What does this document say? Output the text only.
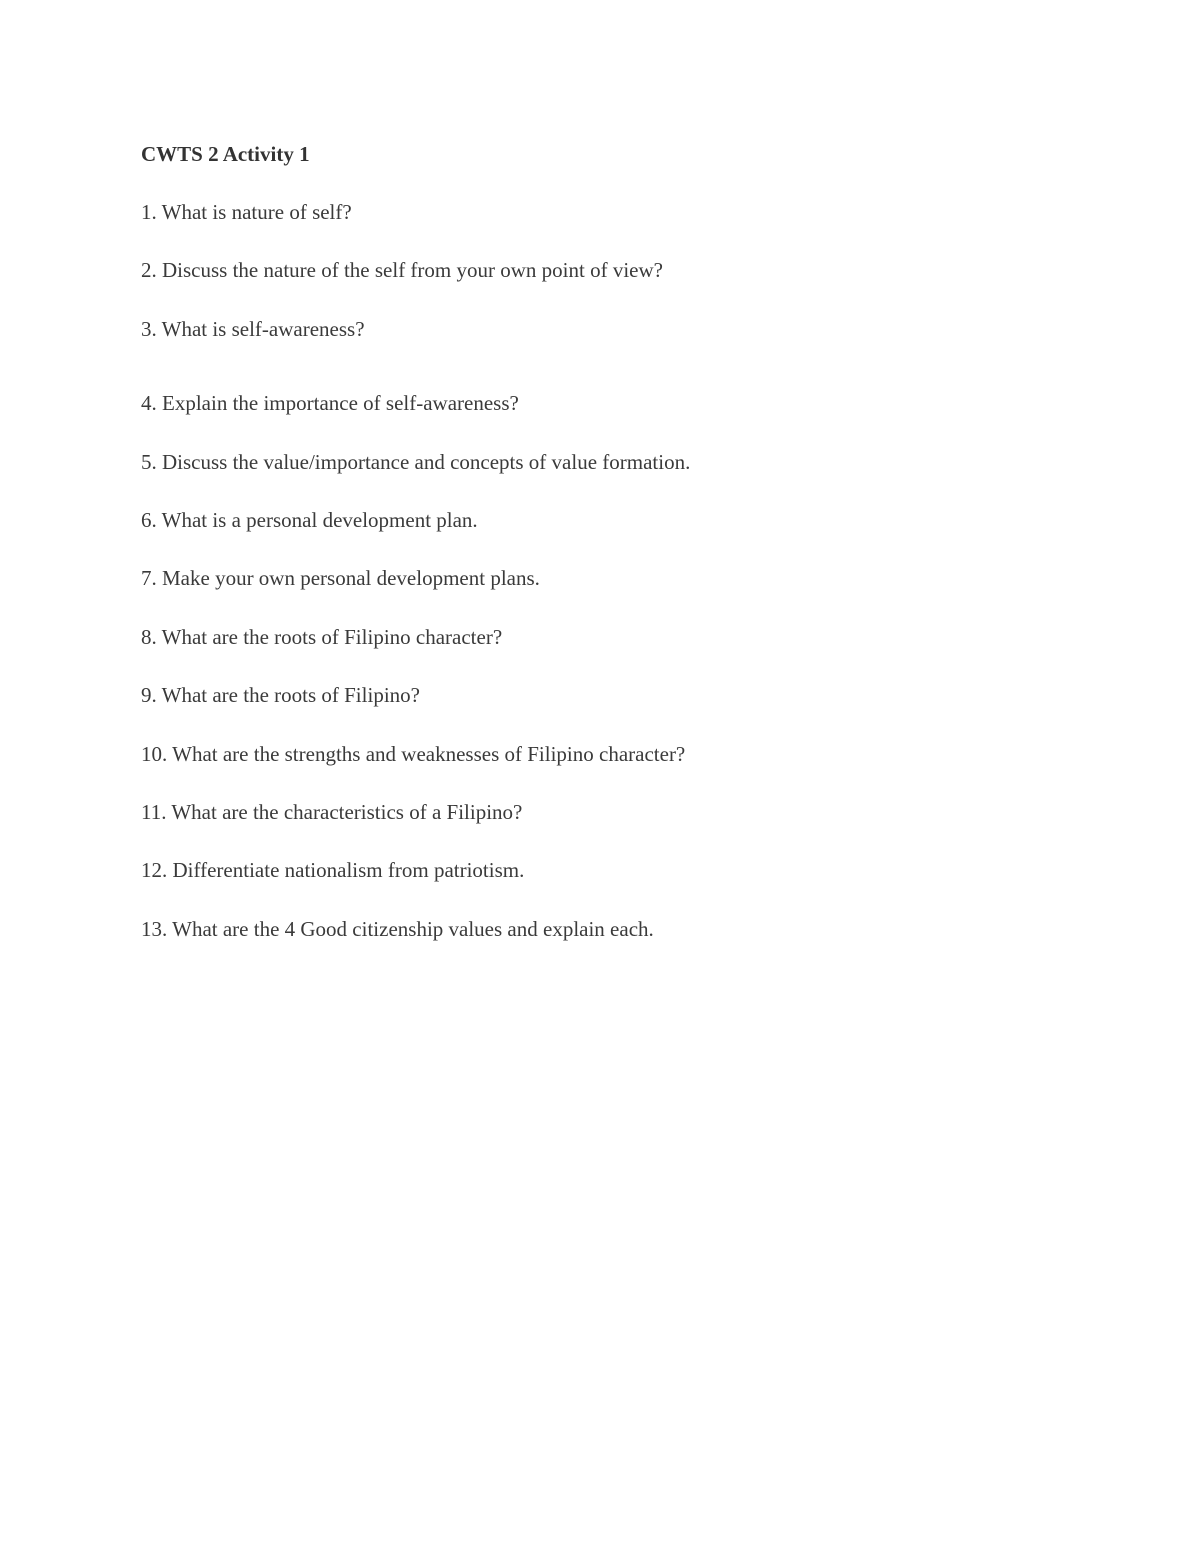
CWTS 2 Activity 1
1. What is nature of self?
2. Discuss the nature of the self from your own point of view?
3. What is self-awareness?
4. Explain the importance of self-awareness?
5. Discuss the value/importance and concepts of value formation.
6. What is a personal development plan.
7. Make your own personal development plans.
8. What are the roots of Filipino character?
9. What are the roots of Filipino?
10. What are the strengths and weaknesses of Filipino character?
11. What are the characteristics of a Filipino?
12. Differentiate nationalism from patriotism.
13. What are the 4 Good citizenship values and explain each.
